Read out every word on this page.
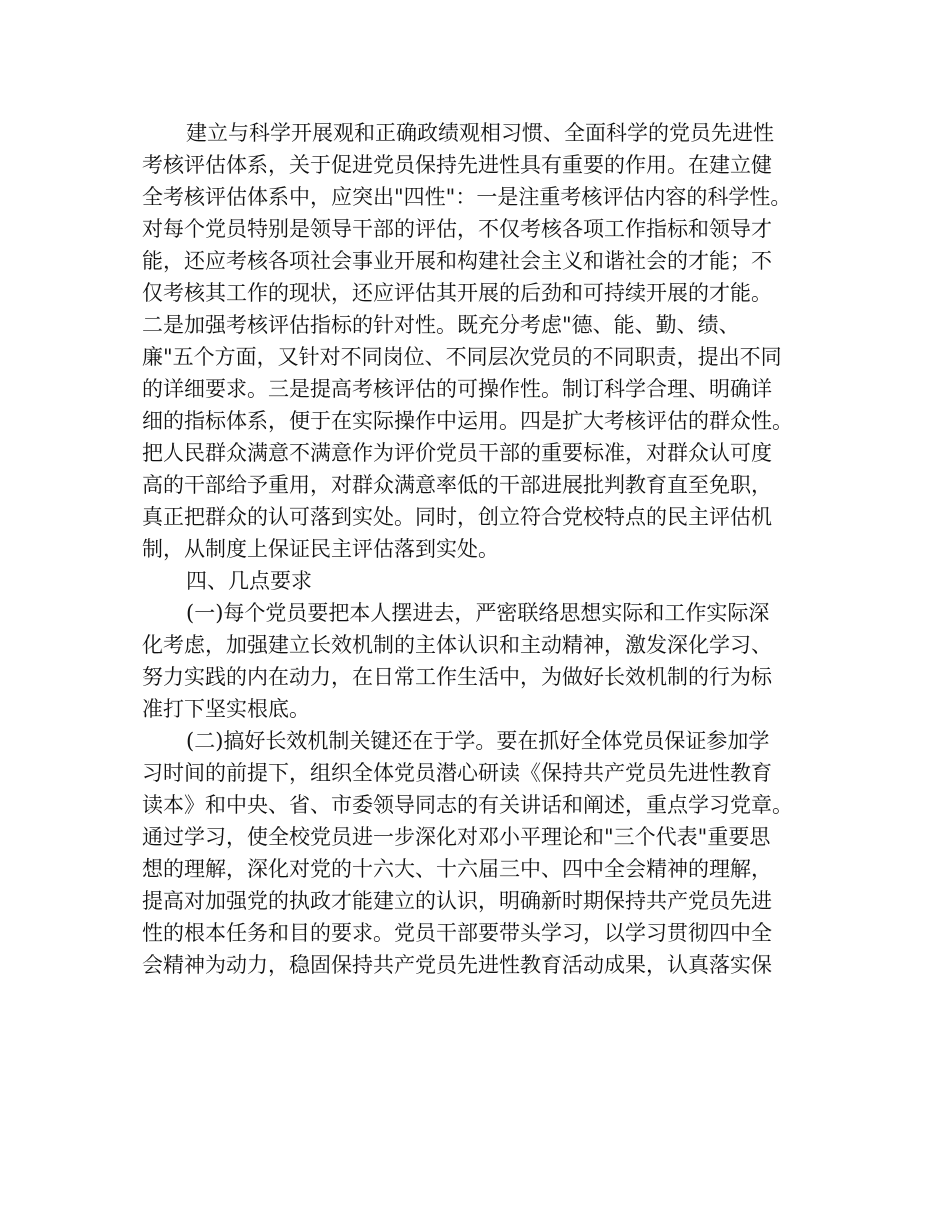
建立与科学开展观和正确政绩观相习惯、全面科学的党员先进性
考核评估体系，关于促进党员保持先进性具有重要的作用。在建立健
全考核评估体系中，应突出"四性"：一是注重考核评估内容的科学性。
对每个党员特别是领导干部的评估，不仅考核各项工作指标和领导才
能，还应考核各项社会事业开展和构建社会主义和谐社会的才能；不
仅考核其工作的现状，还应评估其开展的后劲和可持续开展的才能。
二是加强考核评估指标的针对性。既充分考虑"德、能、勤、绩、
廉"五个方面，又针对不同岗位、不同层次党员的不同职责，提出不同
的详细要求。三是提高考核评估的可操作性。制订科学合理、明确详
细的指标体系，便于在实际操作中运用。四是扩大考核评估的群众性。
把人民群众满意不满意作为评价党员干部的重要标准，对群众认可度
高的干部给予重用，对群众满意率低的干部进展批判教育直至免职，
真正把群众的认可落到实处。同时，创立符合党校特点的民主评估机
制，从制度上保证民主评估落到实处。
四、几点要求
(一)每个党员要把本人摆进去，严密联络思想实际和工作实际深
化考虑，加强建立长效机制的主体认识和主动精神，激发深化学习、
努力实践的内在动力，在日常工作生活中，为做好长效机制的行为标
准打下坚实根底。
(二)搞好长效机制关键还在于学。要在抓好全体党员保证参加学
习时间的前提下，组织全体党员潜心研读《保持共产党员先进性教育
读本》和中央、省、市委领导同志的有关讲话和阐述，重点学习党章。
通过学习，使全校党员进一步深化对邓小平理论和"三个代表"重要思
想的理解，深化对党的十六大、十六届三中、四中全会精神的理解，
提高对加强党的执政才能建立的认识，明确新时期保持共产党员先进
性的根本任务和目的要求。党员干部要带头学习，以学习贯彻四中全
会精神为动力，稳固保持共产党员先进性教育活动成果，认真落实保
